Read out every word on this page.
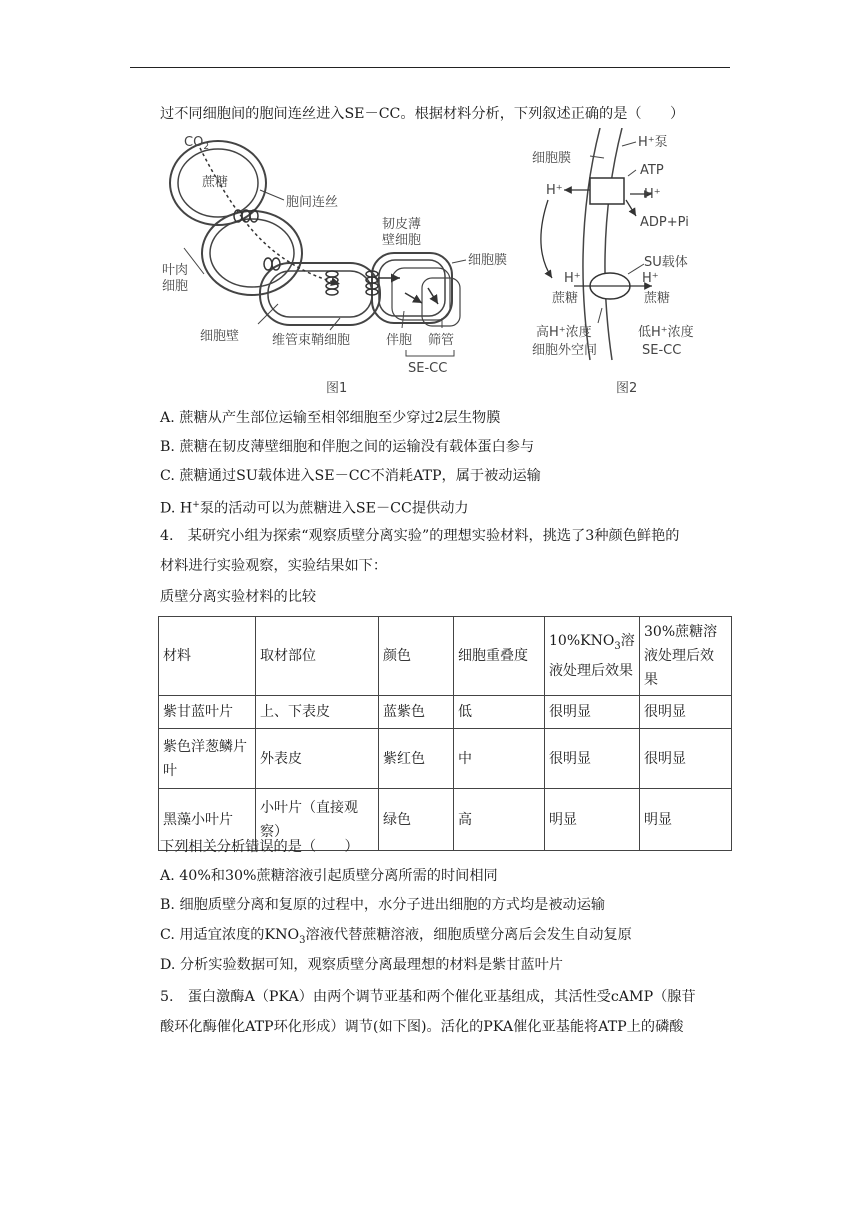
过不同细胞间的胞间连丝进入SE－CC。根据材料分析，下列叙述正确的是（　　）
$CO_2$
蔗糖
胞间连丝
叶肉
细胞
韧皮薄
壁细胞
细胞膜
细胞壁	维管束鞘细胞	伴胞 筛管
SE-CC
图1
细胞膜
H⁺泵
ATP
H⁺
H⁺
ADP+Pi
SU载体
H⁺	H⁺
蔗糖	蔗糖
高H⁺浓度
细胞外空间
低H⁺浓度
SE-CC
图2
A. 蔗糖从产生部位运输至相邻细胞至少穿过2层生物膜
B. 蔗糖在韧皮薄壁细胞和伴胞之间的运输没有载体蛋白参与
C. 蔗糖通过SU载体进入SE－CC不消耗ATP，属于被动运输
D. H+泵的活动可以为蔗糖进入SE－CC提供动力
4.　某研究小组为探索“观察质壁分离实验”的理想实验材料，挑选了3种颜色鲜艳的
材料进行实验观察，实验结果如下：
质壁分离实验材料的比较
材料	取材部位	颜色	细胞重叠度	$10\%KNO_3$溶液处理后效果	30%蔗糖溶液处理后效果
紫甘蓝叶片	上、下表皮	蓝紫色	低	很明显	很明显
紫色洋葱鳞片叶	外表皮	紫红色	中	很明显	很明显
黑藻小叶片	小叶片（直接观察）	绿色	高	明显	明显
下列相关分析错误的是（　　）
A. 40%和30%蔗糖溶液引起质壁分离所需的时间相同
B. 细胞质壁分离和复原的过程中，水分子进出细胞的方式均是被动运输
C. 用适宜浓度的$KNO_3$溶液代替蔗糖溶液，细胞质壁分离后会发生自动复原
D. 分析实验数据可知，观察质壁分离最理想的材料是紫甘蓝叶片
5.　蛋白激酶A（PKA）由两个调节亚基和两个催化亚基组成，其活性受cAMP（腺苷
酸环化酶催化ATP环化形成）调节(如下图)。活化的PKA催化亚基能将ATP上的磷酸
